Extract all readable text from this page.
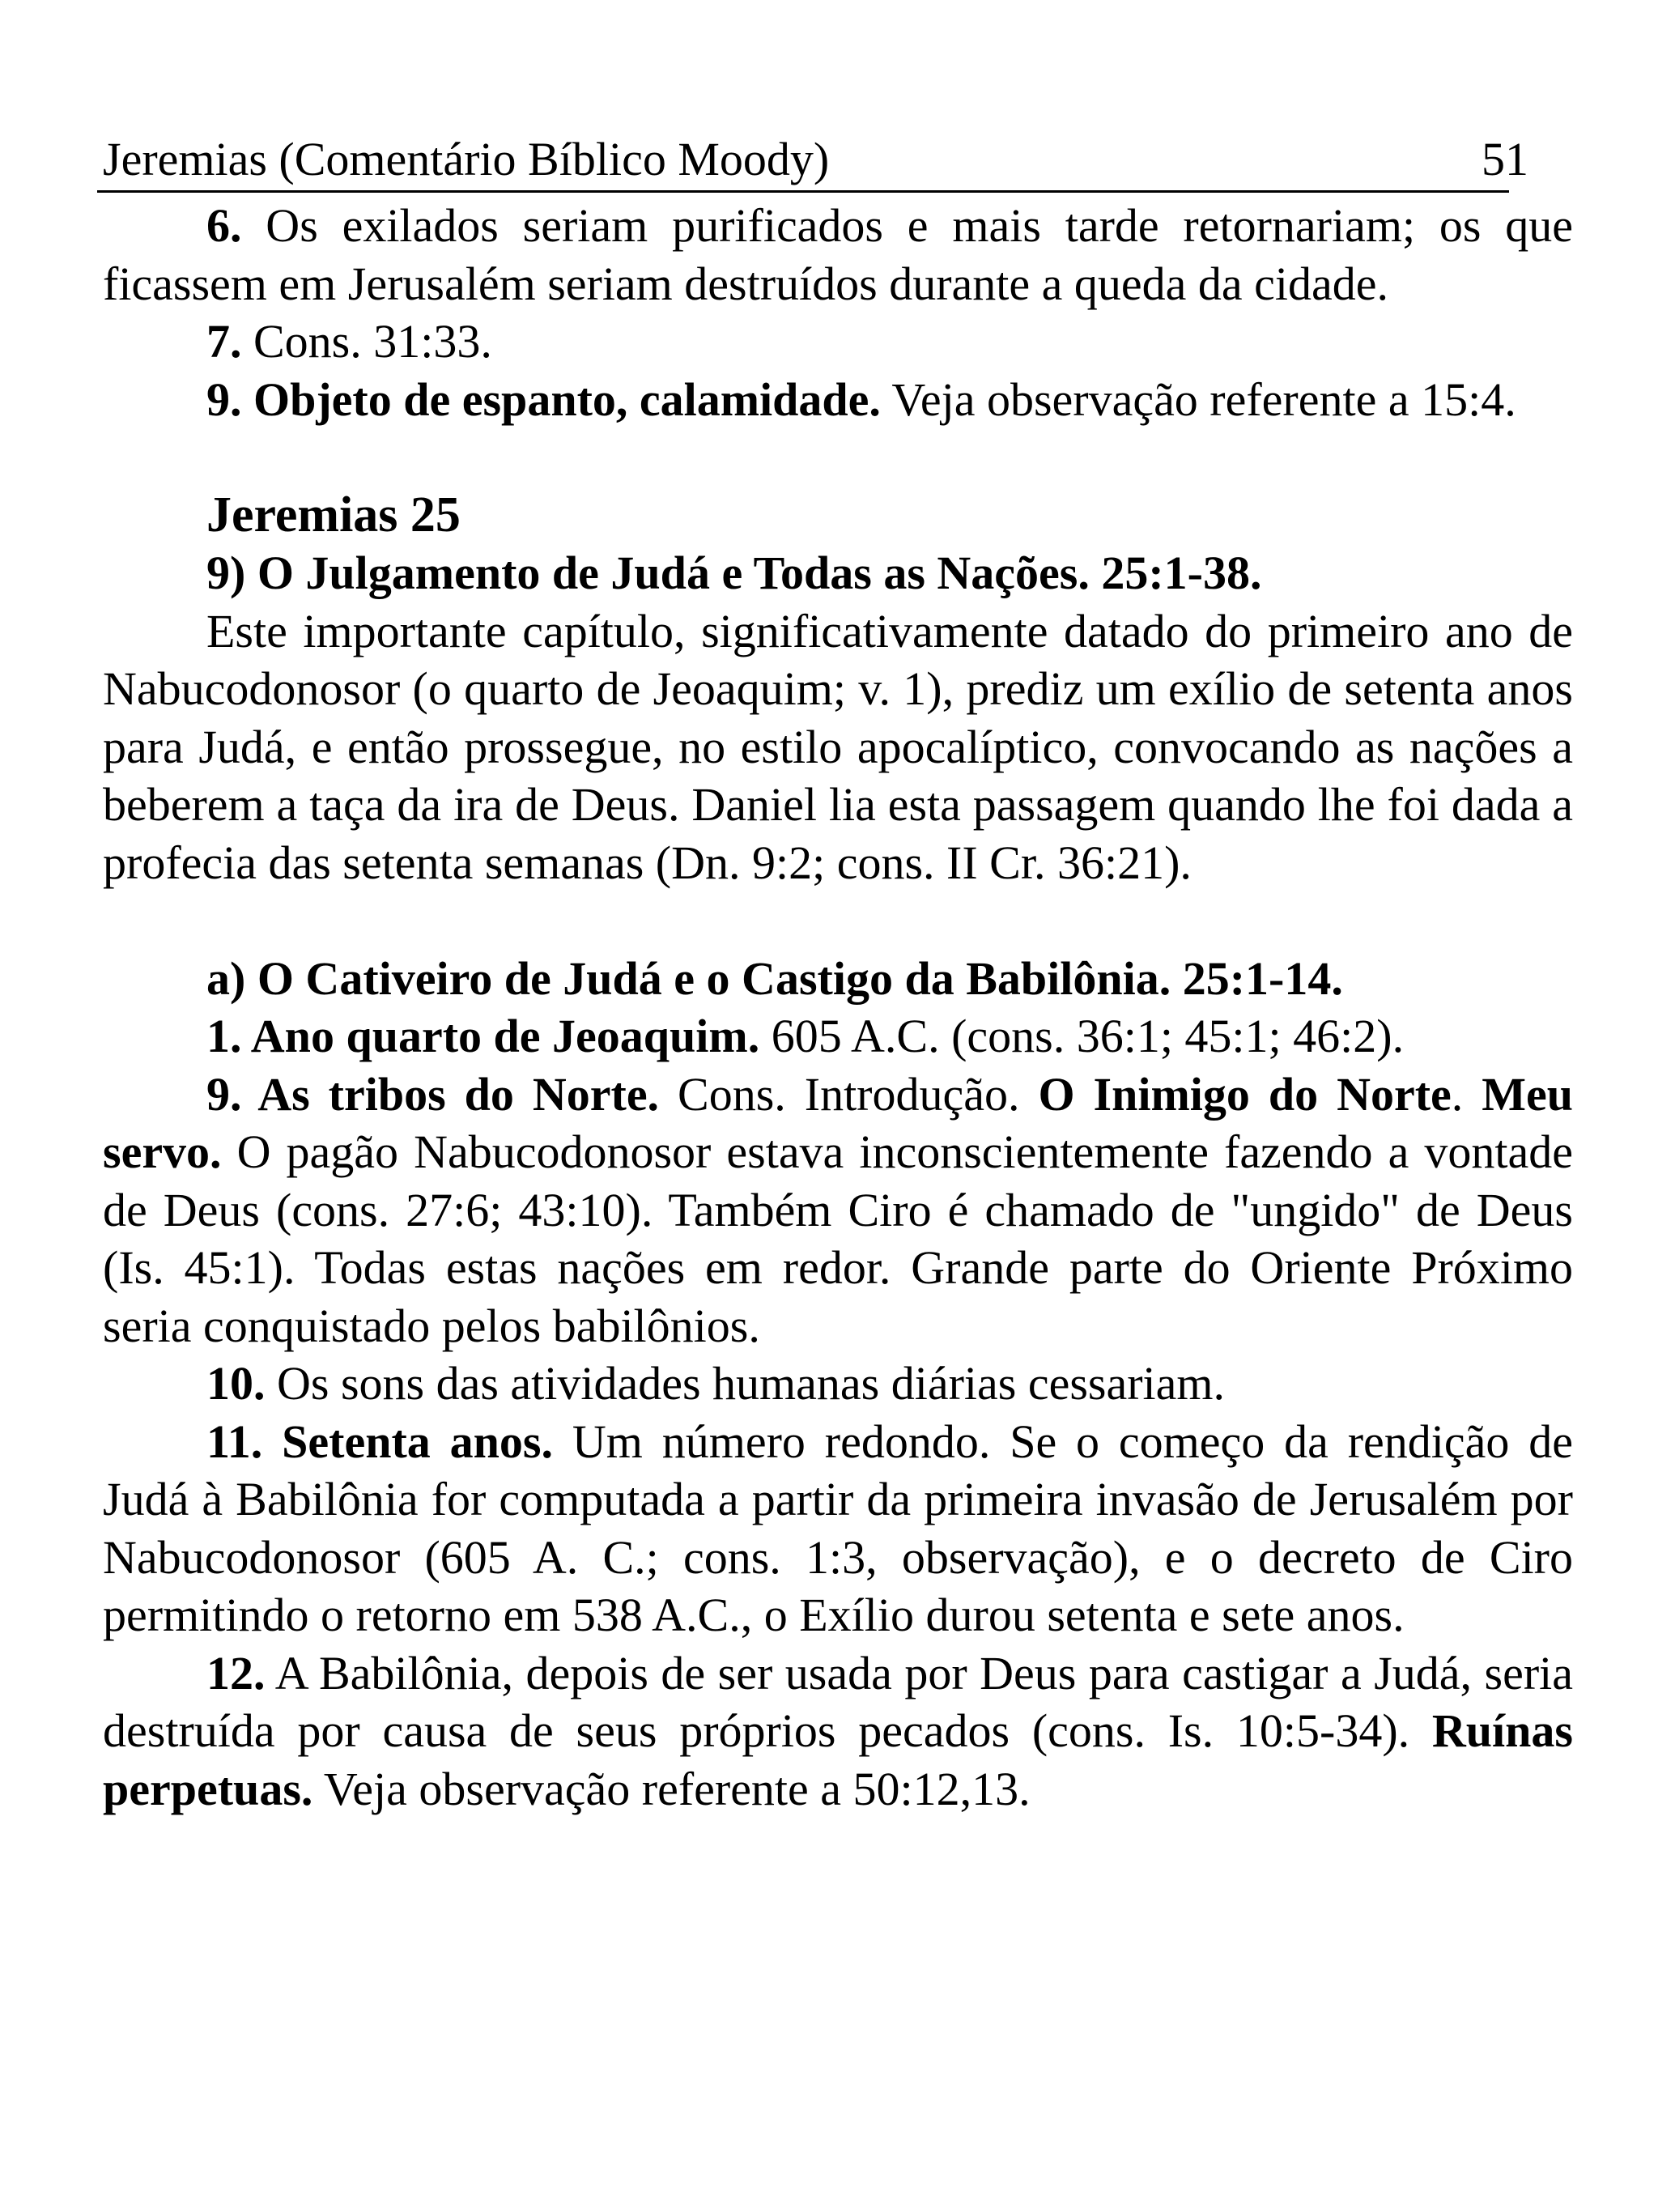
Jeremias (Comentário Bíblico Moody)	51

6. Os exilados seriam purificados e mais tarde retornariam; os que ficassem em Jerusalém seriam destruídos durante a queda da cidade.

7. Cons. 31:33.

9. Objeto de espanto, calamidade. Veja observação referente a 15:4.

Jeremias 25

9) O Julgamento de Judá e Todas as Nações. 25:1-38.

Este importante capítulo, significativamente datado do primeiro ano de Nabucodonosor (o quarto de Jeoaquim; v. 1), prediz um exílio de setenta anos para Judá, e então prossegue, no estilo apocalíptico, convocando as nações a beberem a taça da ira de Deus. Daniel lia esta passagem quando lhe foi dada a profecia das setenta semanas (Dn. 9:2; cons. II Cr. 36:21).

a) O Cativeiro de Judá e o Castigo da Babilônia. 25:1-14.

1. Ano quarto de Jeoaquim. 605 A.C. (cons. 36:1; 45:1; 46:2).

9. As tribos do Norte. Cons. Introdução. O Inimigo do Norte. Meu servo. O pagão Nabucodonosor estava inconscientemente fazendo a vontade de Deus (cons. 27:6; 43:10). Também Ciro é chamado de "ungido" de Deus (Is. 45:1). Todas estas nações em redor. Grande parte do Oriente Próximo seria conquistado pelos babilônios.

10. Os sons das atividades humanas diárias cessariam.

11. Setenta anos. Um número redondo. Se o começo da rendição de Judá à Babilônia for computada a partir da primeira invasão de Jerusalém por Nabucodonosor (605 A. C.; cons. 1:3, observação), e o decreto de Ciro permitindo o retorno em 538 A.C., o Exílio durou setenta e sete anos.

12. A Babilônia, depois de ser usada por Deus para castigar a Judá, seria destruída por causa de seus próprios pecados (cons. Is. 10:5-34). Ruínas perpetuas. Veja observação referente a 50:12,13.
